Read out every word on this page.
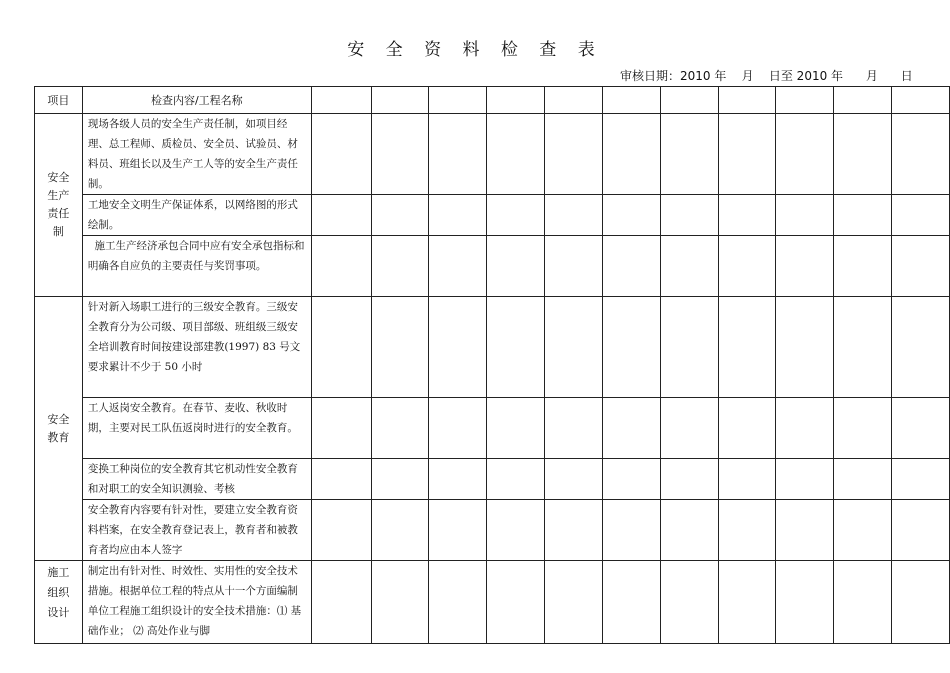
安 全 资 料 检 查 表
审核日期：2010 年    月    日至 2010 年      月      日
项目	检查内容/工程名称											
安全生产责任制	现场各级人员的安全生产责任制，如项目经理、总工程师、质检员、安全员、试验员、材料员、班组长以及生产工人等的安全生产责任制。											
	工地安全文明生产保证体系，以网络图的形式绘制。											
	施工生产经济承包合同中应有安全承包指标和明确各自应负的主要责任与奖罚事项。											
安全教育	针对新入场职工进行的三级安全教育。三级安全教育分为公司级、项目部级、班组级三级安全培训教育时间按建设部建教(1997) 83 号文要求累计不少于 50 小时											
	工人返岗安全教育。在春节、麦收、秋收时期，主要对民工队伍返岗时进行的安全教育。											
	变换工种岗位的安全教育其它机动性安全教育和对职工的安全知识测验、考核											
	安全教育内容要有针对性，要建立安全教育资料档案，在安全教育登记表上，教育者和被教育者均应由本人签字											
施工组织设计	制定出有针对性、时效性、实用性的安全技术措施。根据单位工程的特点从十一个方面编制单位工程施工组织设计的安全技术措施：⑴ 基础作业； ⑵ 高处作业与脚											
